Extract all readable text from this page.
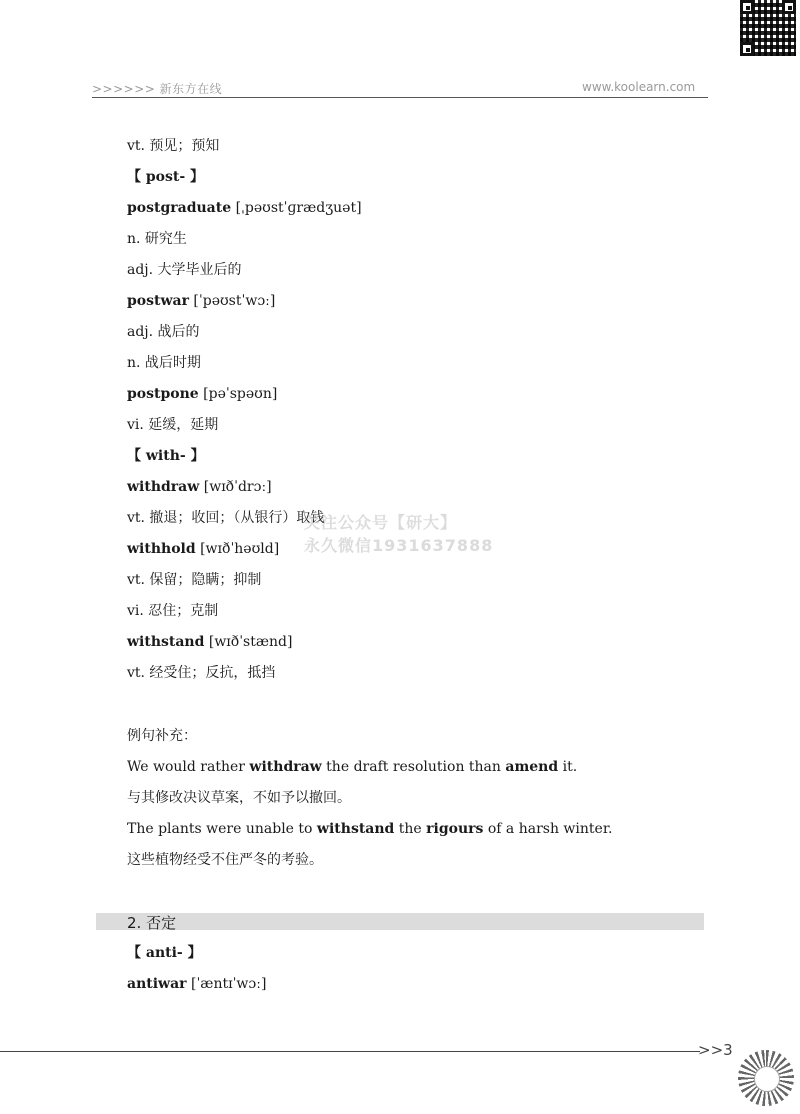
>>>>>> 新东方在线	www.koolearn.com
vt. 预见；预知
【 post- 】
postgraduate [ˌpəʊstˈɡrædʒuət]
n. 研究生
adj. 大学毕业后的
postwar [ˈpəʊstˈwɔː]
adj. 战后的
n. 战后时期
postpone [pəˈspəʊn]
vi. 延缓，延期
【 with- 】
withdraw [wɪðˈdrɔː]
vt. 撤退；收回；（从银行）取钱
withhold [wɪðˈhəʊld]
vt. 保留；隐瞒；抑制
vi. 忍住；克制
withstand [wɪðˈstænd]
vt. 经受住；反抗，抵挡
关注公众号【研大】
永久微信1931637888
例句补充：
We would rather withdraw the draft resolution than amend it.
与其修改决议草案，不如予以撤回。
The plants were unable to withstand the rigours of a harsh winter.
这些植物经受不住严冬的考验。
2. 否定
【 anti- 】
antiwar [ˈæntɪˈwɔː]
>>3
